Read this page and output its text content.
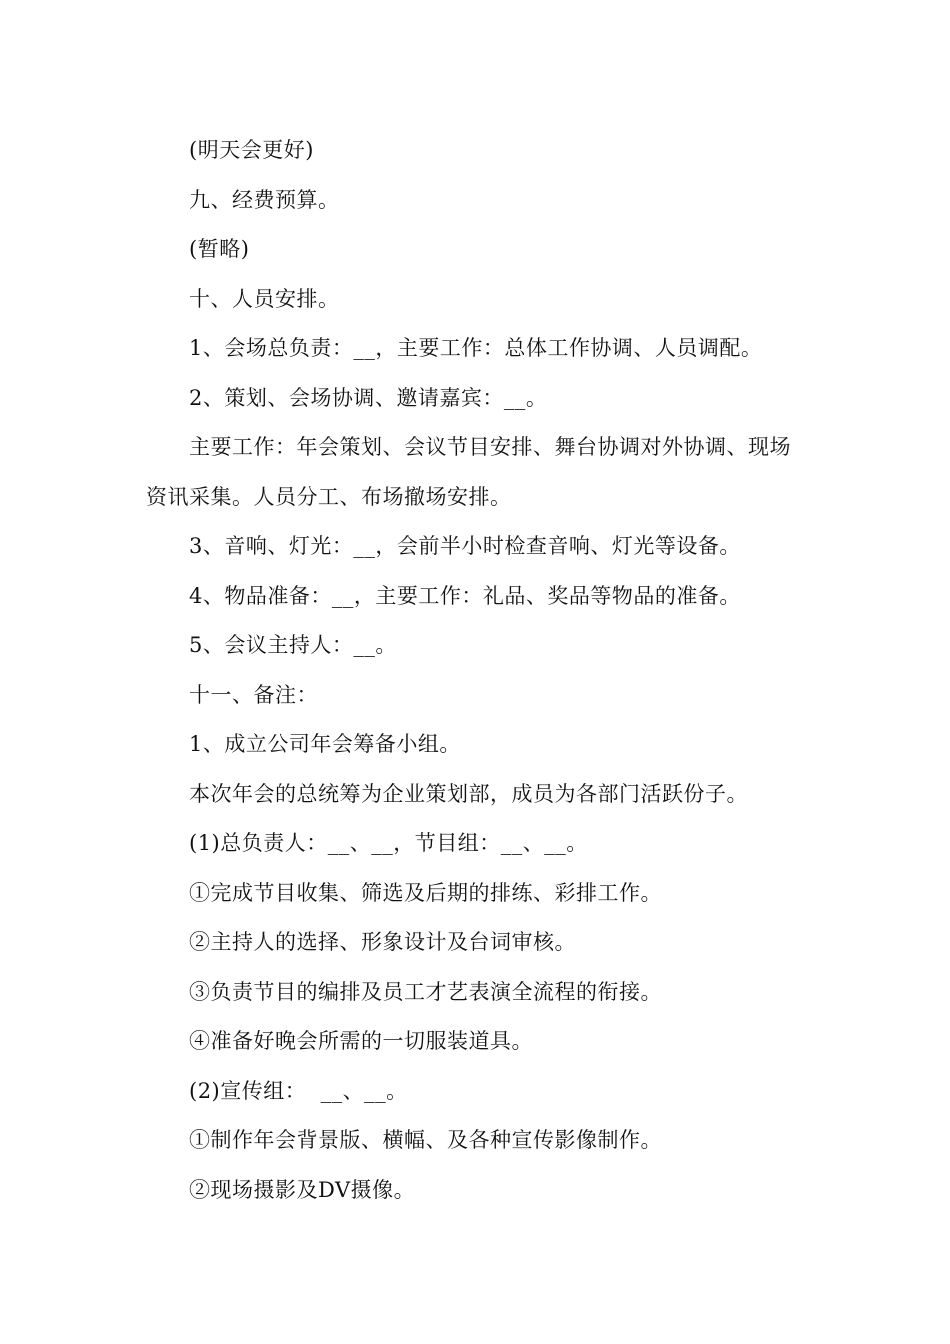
(明天会更好)

九、经费预算。

(暂略)

十、人员安排。

1、会场总负责：__，主要工作：总体工作协调、人员调配。

2、策划、会场协调、邀请嘉宾：__。

主要工作：年会策划、会议节目安排、舞台协调对外协调、现场资讯采集。人员分工、布场撤场安排。

3、音响、灯光：__，会前半小时检查音响、灯光等设备。

4、物品准备：__，主要工作：礼品、奖品等物品的准备。

5、会议主持人：__。

十一、备注：

1、成立公司年会筹备小组。

本次年会的总统筹为企业策划部，成员为各部门活跃份子。

(1)总负责人：__、__，节目组：__、__。

①完成节目收集、筛选及后期的排练、彩排工作。

②主持人的选择、形象设计及台词审核。

③负责节目的编排及员工才艺表演全流程的衔接。

④准备好晚会所需的一切服装道具。

(2)宣传组：  __、__。

①制作年会背景版、横幅、及各种宣传影像制作。

②现场摄影及DV摄像。
